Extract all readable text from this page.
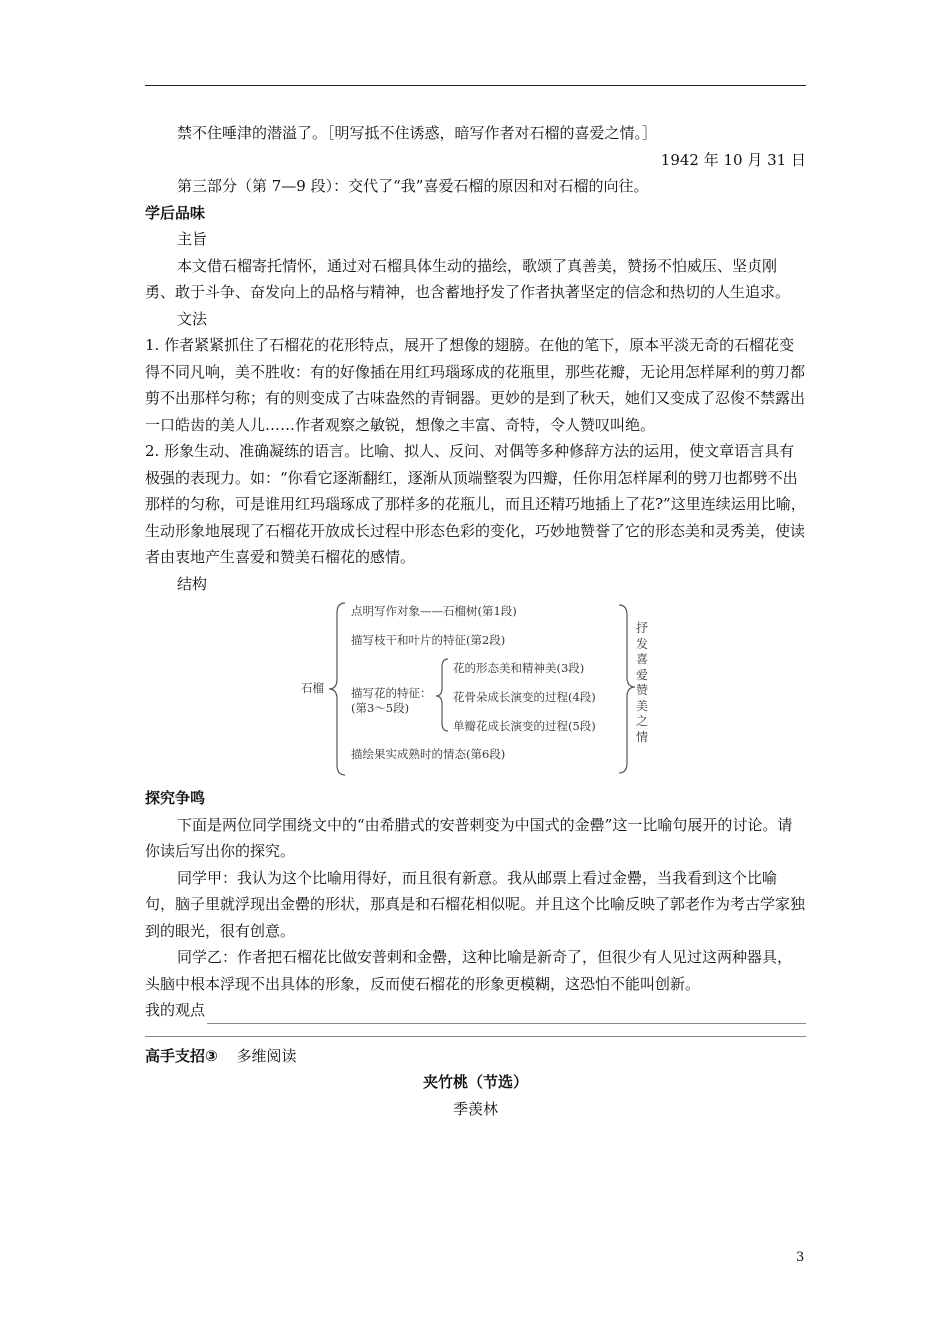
禁不住唾津的潜溢了。［明写抵不住诱惑，暗写作者对石榴的喜爱之情。］

1942 年 10 月 31 日

第三部分（第 7—9 段）：交代了“我”喜爱石榴的原因和对石榴的向往。

学后品味

主旨

本文借石榴寄托情怀，通过对石榴具体生动的描绘，歌颂了真善美，赞扬不怕威压、坚贞刚勇、敢于斗争、奋发向上的品格与精神，也含蓄地抒发了作者执著坚定的信念和热切的人生追求。

文法

1. 作者紧紧抓住了石榴花的花形特点，展开了想像的翅膀。在他的笔下，原本平淡无奇的石榴花变得不同凡响，美不胜收：有的好像插在用红玛瑙琢成的花瓶里，那些花瓣，无论用怎样犀利的剪刀都剪不出那样匀称；有的则变成了古味盎然的青铜器。更妙的是到了秋天，她们又变成了忍俊不禁露出一口皓齿的美人儿……作者观察之敏锐，想像之丰富、奇特，令人赞叹叫绝。

2. 形象生动、准确凝练的语言。比喻、拟人、反问、对偶等多种修辞方法的运用，使文章语言具有极强的表现力。如：“你看它逐渐翻红，逐渐从顶端整裂为四瓣，任你用怎样犀利的劈刀也都劈不出那样的匀称，可是谁用红玛瑙琢成了那样多的花瓶儿，而且还精巧地插上了花?”这里连续运用比喻，生动形象地展现了石榴花开放成长过程中形态色彩的变化，巧妙地赞誉了它的形态美和灵秀美，使读者由衷地产生喜爱和赞美石榴花的感情。

结构

石榴
点明写作对象——石榴树(第1段)
描写枝干和叶片的特征(第2段)
描写花的特征：
(第3～5段)
花的形态美和精神美(3段)
花骨朵成长演变的过程(4段)
单瓣花成长演变的过程(5段)
描绘果实成熟时的情态(第6段)
抒发喜爱赞美之情

探究争鸣

下面是两位同学围绕文中的“由希腊式的安普剌变为中国式的金罍”这一比喻句展开的讨论。请你读后写出你的探究。

同学甲：我认为这个比喻用得好，而且很有新意。我从邮票上看过金罍，当我看到这个比喻句，脑子里就浮现出金罍的形状，那真是和石榴花相似呢。并且这个比喻反映了郭老作为考古学家独到的眼光，很有创意。

同学乙：作者把石榴花比做安普剌和金罍，这种比喻是新奇了，但很少有人见过这两种器具，头脑中根本浮现不出具体的形象，反而使石榴花的形象更模糊，这恐怕不能叫创新。

我的观点

高手支招③ 多维阅读

夹竹桃（节选）

季羡林

3
